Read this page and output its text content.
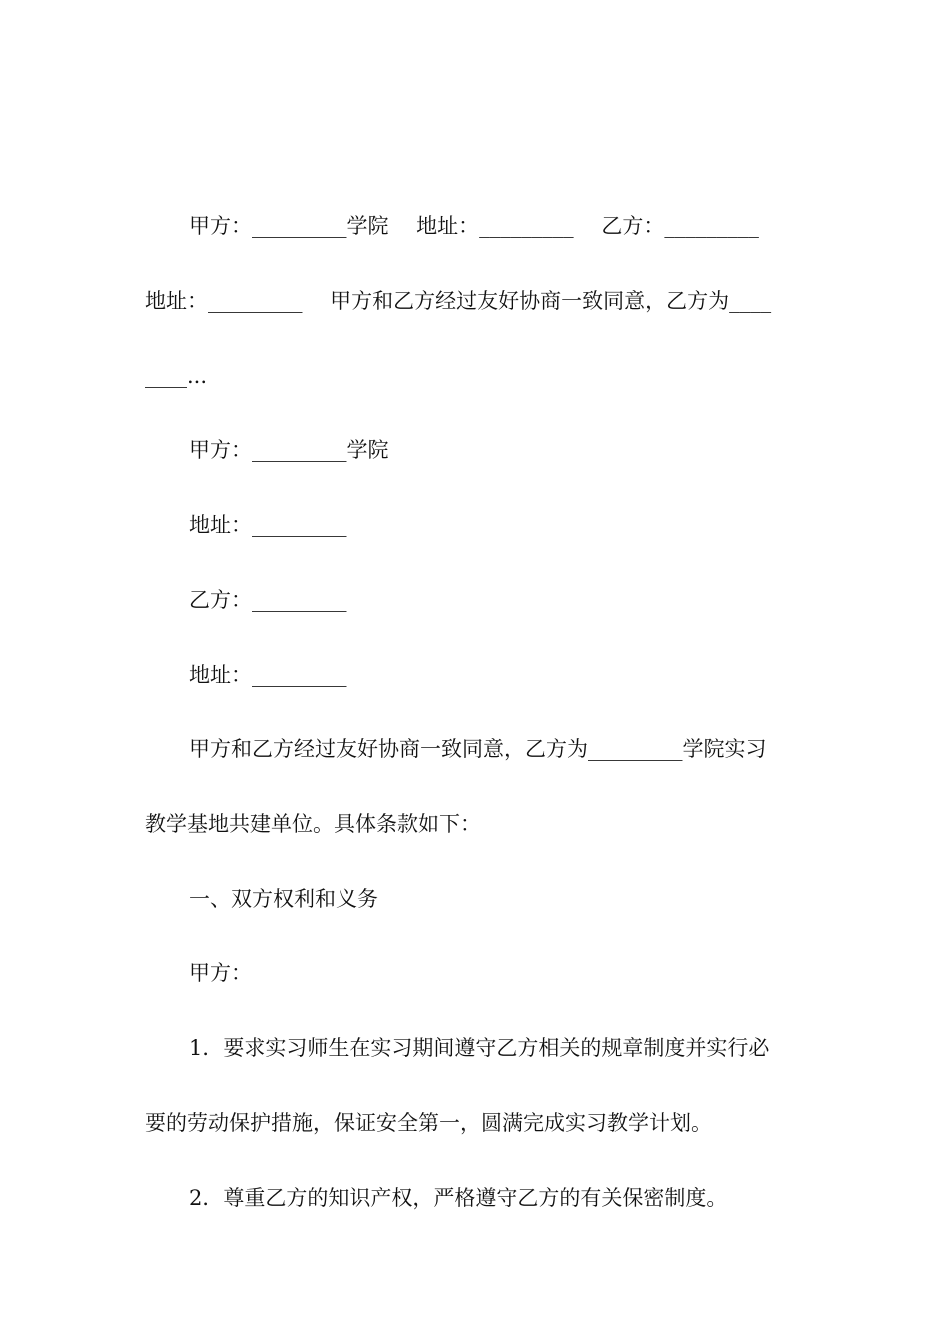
甲方：_________学院　 地址：_________　 乙方：_________
地址：_________　 甲方和乙方经过友好协商一致同意，乙方为____
____...
甲方：_________学院
地址：_________
乙方：_________
地址：_________
甲方和乙方经过友好协商一致同意，乙方为_________学院实习
教学基地共建单位。具体条款如下：
一、双方权利和义务
甲方：
1．要求实习师生在实习期间遵守乙方相关的规章制度并实行必
要的劳动保护措施，保证安全第一，圆满完成实习教学计划。
2．尊重乙方的知识产权，严格遵守乙方的有关保密制度。
